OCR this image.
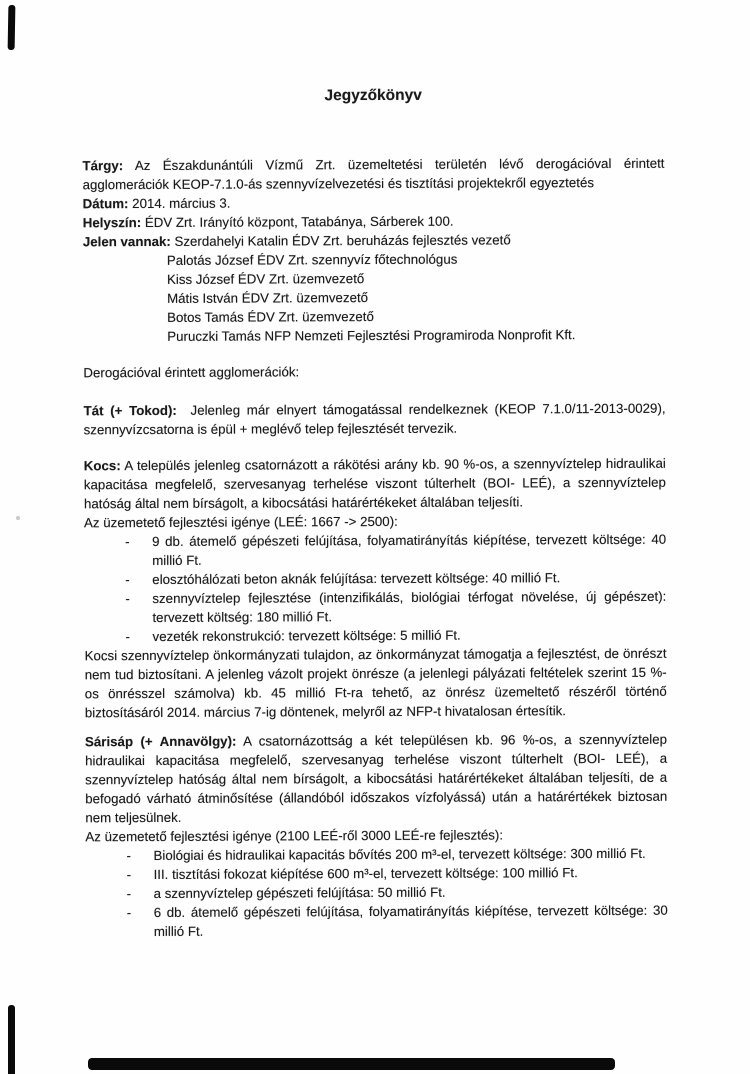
Jegyzőkönyv

Tárgy: Az Északdunántúli Vízmű Zrt. üzemeltetési területén lévő derogációval érintett agglomerációk KEOP-7.1.0-ás szennyvízelvezetési és tisztítási projektekről egyeztetés

Dátum: 2014. március 3.

Helyszín: ÉDV Zrt. Irányító központ, Tatabánya, Sárberek 100.

Jelen vannak: Szerdahelyi Katalin ÉDV Zrt. beruházás fejlesztés vezető

Palotás József ÉDV Zrt. szennyvíz főtechnológus

Kiss József ÉDV Zrt. üzemvezető

Mátis István ÉDV Zrt. üzemvezető

Botos Tamás ÉDV Zrt. üzemvezető

Puruczki Tamás NFP Nemzeti Fejlesztési Programiroda Nonprofit Kft.

Derogációval érintett agglomerációk:

Tát (+ Tokod): Jelenleg már elnyert támogatással rendelkeznek (KEOP 7.1.0/11-2013-0029), szennyvízcsatorna is épül + meglévő telep fejlesztését tervezik.

Kocs: A település jelenleg csatornázott a rákötési arány kb. 90 %-os, a szennyvíztelep hidraulikai kapacitása megfelelő, szervesanyag terhelése viszont túlterhelt (BOI- LEÉ), a szennyvíztelep hatóság által nem bírságolt, a kibocsátási határértékeket általában teljesíti.

Az üzemetető fejlesztési igénye (LEÉ: 1667 -> 2500):

- 9 db. átemelő gépészeti felújítása, folyamatirányítás kiépítése, tervezett költsége: 40 millió Ft.
- elosztóhálózati beton aknák felújítása: tervezett költsége: 40 millió Ft.
- szennyvíztelep fejlesztése (intenzifikálás, biológiai térfogat növelése, új gépészet): tervezett költség: 180 millió Ft.
- vezeték rekonstrukció: tervezett költsége: 5 millió Ft.

Kocsi szennyvíztelep önkormányzati tulajdon, az önkormányzat támogatja a fejlesztést, de önrészt nem tud biztosítani. A jelenleg vázolt projekt önrésze (a jelenlegi pályázati feltételek szerint 15 %-os önrésszel számolva) kb. 45 millió Ft-ra tehető, az önrész üzemeltető részéről történő biztosításáról 2014. március 7-ig döntenek, melyről az NFP-t hivatalosan értesítik.

Sárisáp (+ Annavölgy): A csatornázottság a két településen kb. 96 %-os, a szennyvíztelep hidraulikai kapacitása megfelelő, szervesanyag terhelése viszont túlterhelt (BOI- LEÉ), a szennyvíztelep hatóság által nem bírságolt, a kibocsátási határértékeket általában teljesíti, de a befogadó várható átminősítése (állandóból időszakos vízfolyássá) után a határértékek biztosan nem teljesülnek.

Az üzemetető fejlesztési igénye (2100 LEÉ-ről 3000 LEÉ-re fejlesztés):

- Biológiai és hidraulikai kapacitás bővítés 200 m³-el, tervezett költsége: 300 millió Ft.
- III. tisztítási fokozat kiépítése 600 m³-el, tervezett költsége: 100 millió Ft.
- a szennyvíztelep gépészeti felújítása: 50 millió Ft.
- 6 db. átemelő gépészeti felújítása, folyamatirányítás kiépítése, tervezett költsége: 30 millió Ft.
